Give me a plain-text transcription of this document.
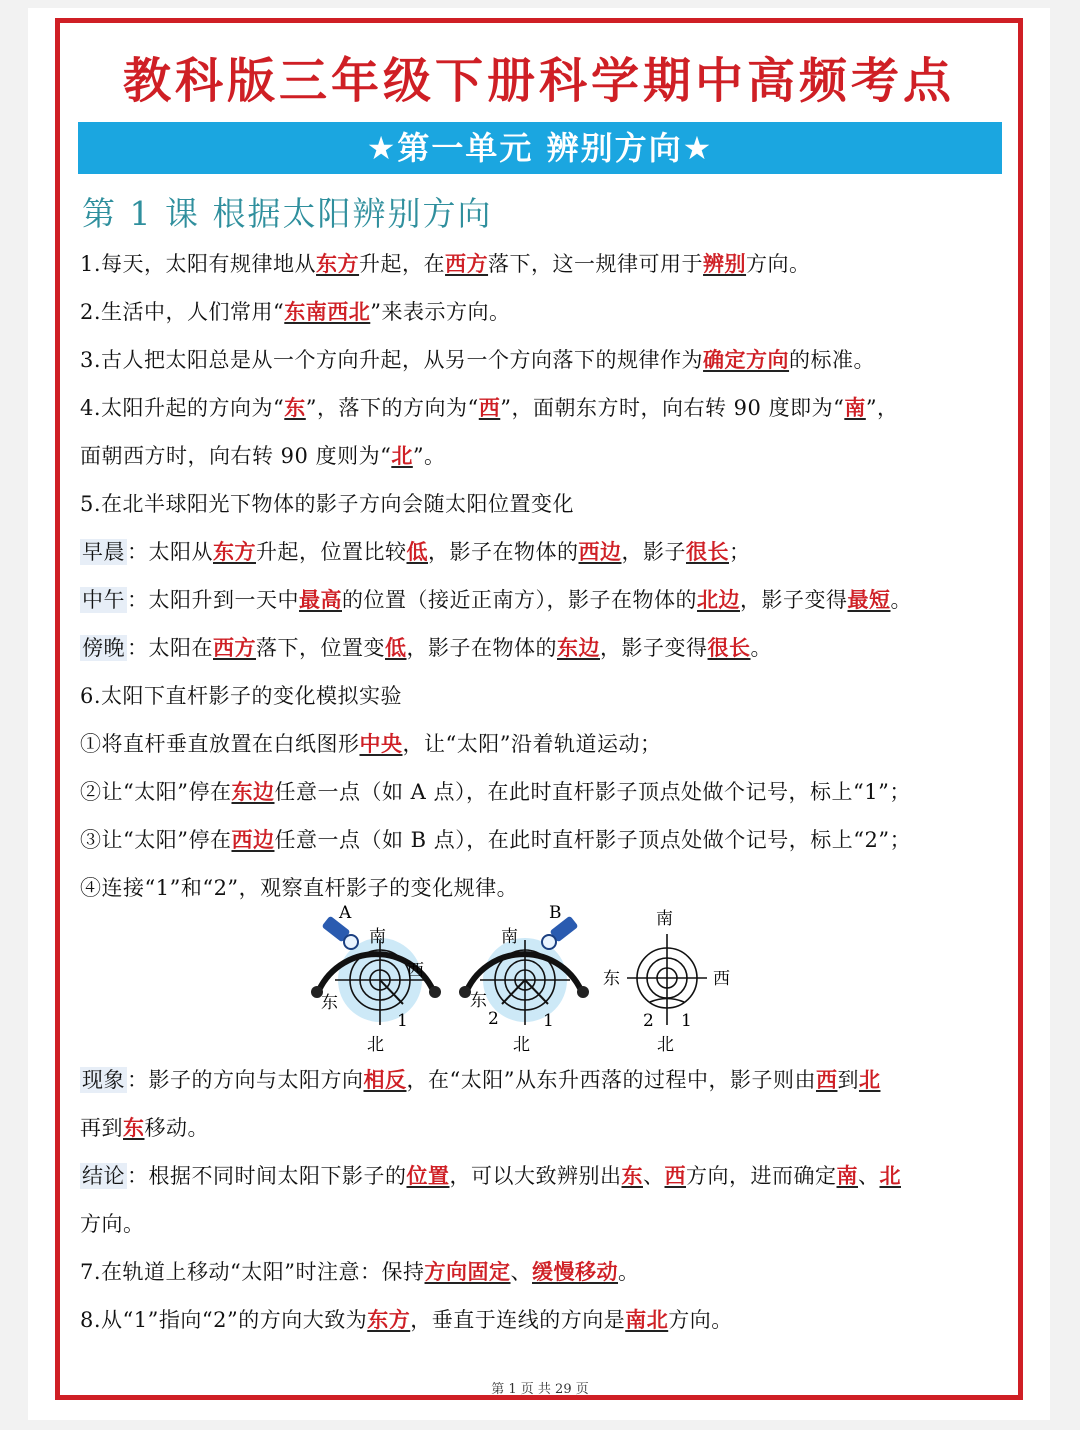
教科版三年级下册科学期中高频考点
★第一单元 辨别方向★
第 1 课 根据太阳辨别方向
1.每天，太阳有规律地从东方升起，在西方落下，这一规律可用于辨别方向。
2.生活中，人们常用“东南西北”来表示方向。
3.古人把太阳总是从一个方向升起，从另一个方向落下的规律作为确定方向的标准。
4.太阳升起的方向为“东”，落下的方向为“西”，面朝东方时，向右转 90 度即为“南”，
面朝西方时，向右转 90 度则为“北”。
5.在北半球阳光下物体的影子方向会随太阳位置变化
早晨：太阳从东方升起，位置比较低，影子在物体的西边，影子很长；
中午：太阳升到一天中最高的位置（接近正南方），影子在物体的北边，影子变得最短。
傍晚：太阳在西方落下，位置变低，影子在物体的东边，影子变得很长。
6.太阳下直杆影子的变化模拟实验
①将直杆垂直放置在白纸图形中央，让“太阳”沿着轨道运动；
②让“太阳”停在东边任意一点（如 A 点），在此时直杆影子顶点处做个记号，标上“1”；
③让“太阳”停在西边任意一点（如 B 点），在此时直杆影子顶点处做个记号，标上“2”；
④连接“1”和“2”，观察直杆影子的变化规律。
现象：影子的方向与太阳方向相反，在“太阳”从东升西落的过程中，影子则由西到北
再到东移动。
结论：根据不同时间太阳下影子的位置，可以大致辨别出东、西方向，进而确定南、北
方向。
7.在轨道上移动“太阳”时注意：保持方向固定、缓慢移动。
8.从“1”指向“2”的方向大致为东方，垂直于连线的方向是南北方向。
A
南
西
东
1
北
B
南
东
2	1
北
南
东	西
2 1
北
第 1 页 共 29 页
